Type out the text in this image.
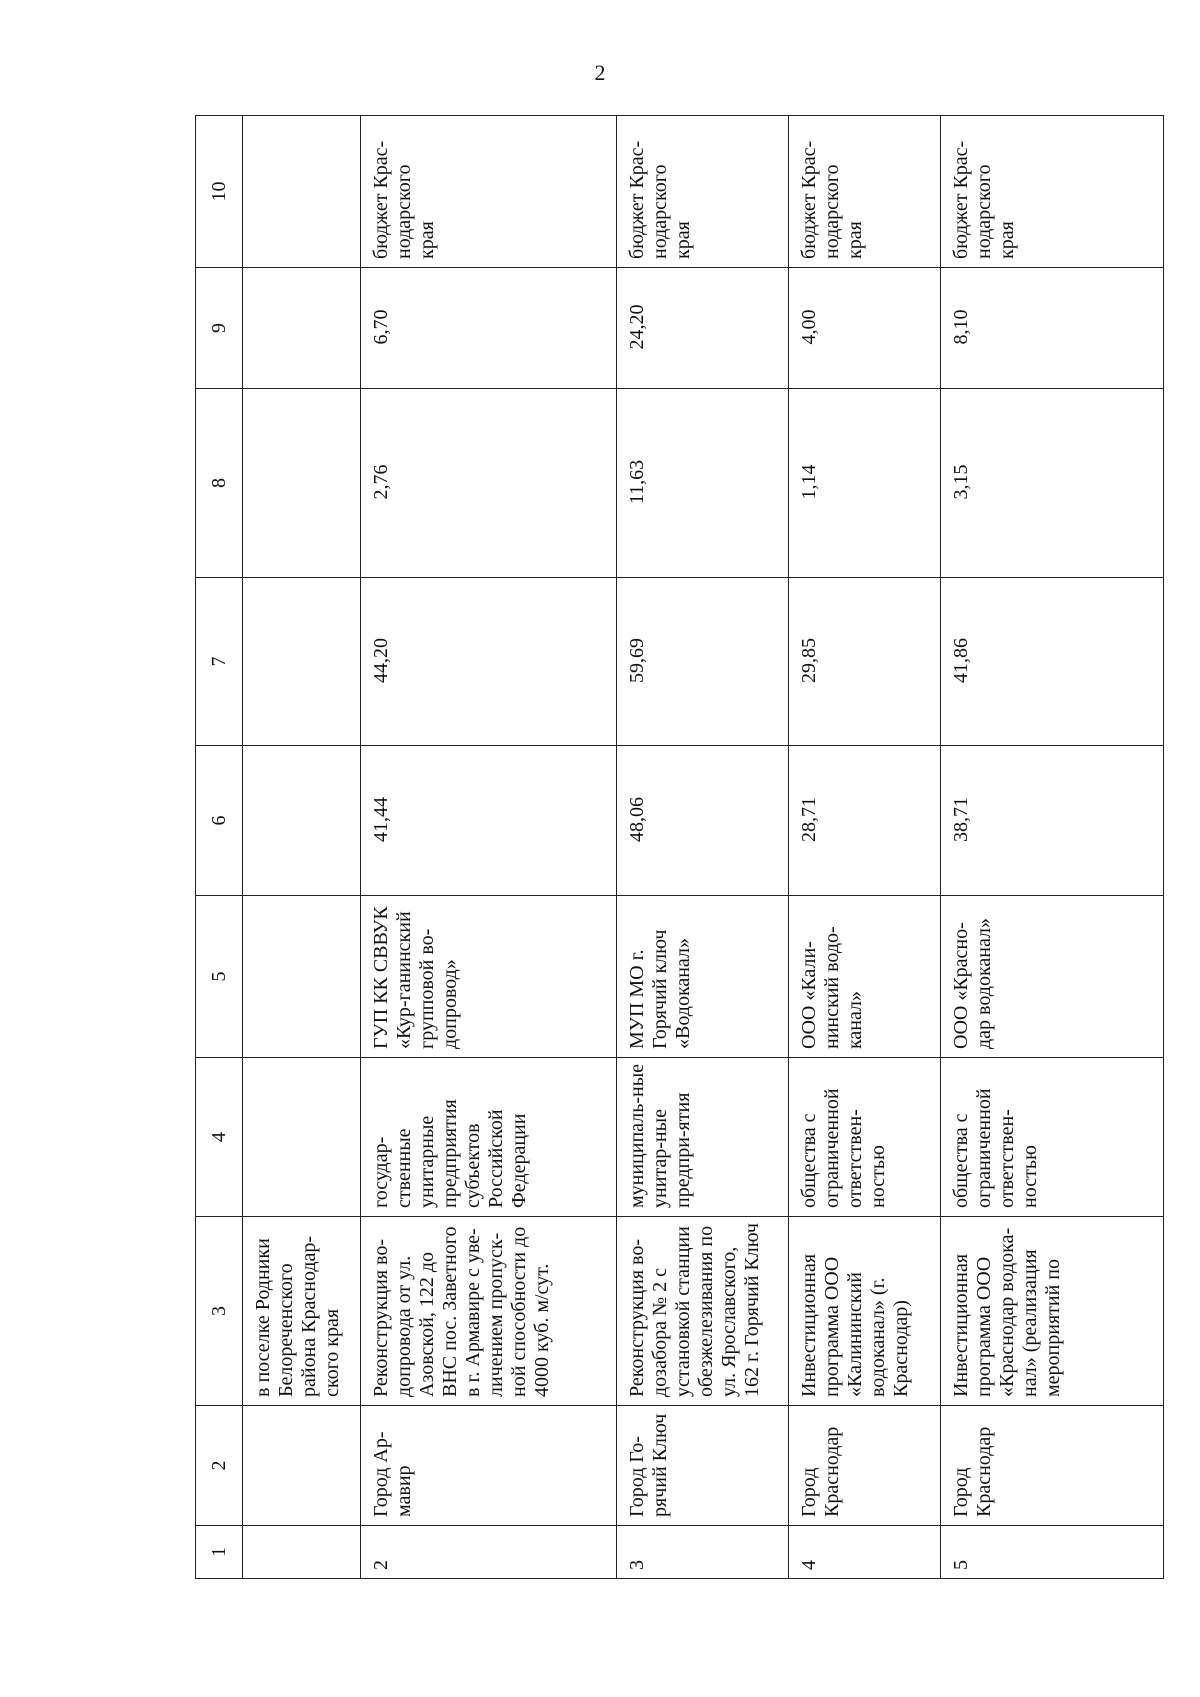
2
1	2	3	4	5	6	7	8	9	10
		в поселке Родники Белореченского района Краснодар-ского края							
2	Город Ар-мавир	Реконструкция во-допровода от ул. Азовской, 122 до ВНС пос. Заветного в г. Армавире с уве-личением пропуск-ной способности до 4000 куб. м/сут.	государ-ственные унитарные предприятия субъектов Российской Федерации	ГУП КК СВВУК «Кур-ганинский групповой во-допровод»	41,44	44,20	2,76	6,70	бюджет Крас-нодарского края
3	Город Го-рячий Ключ	Реконструкция во-дозабора № 2 с установкой станции обезжелезивания по ул. Ярославского, 162 г. Горячий Ключ	муниципаль-ные унитар-ные предпри-ятия	МУП МО г. Горячий ключ «Водоканал»	48,06	59,69	11,63	24,20	бюджет Крас-нодарского края
4	Город Краснодар	Инвестиционная программа ООО «Калининский водоканал» (г. Краснодар)	общества с ограниченной ответствен-ностью	ООО «Кали-нинский водо-канал»	28,71	29,85	1,14	4,00	бюджет Крас-нодарского края
5	Город Краснодар	Инвестиционная программа ООО «Краснодар водока-нал» (реализация мероприятий по	общества с ограниченной ответствен-ностью	ООО «Красно-дар водоканал»	38,71	41,86	3,15	8,10	бюджет Крас-нодарского края
